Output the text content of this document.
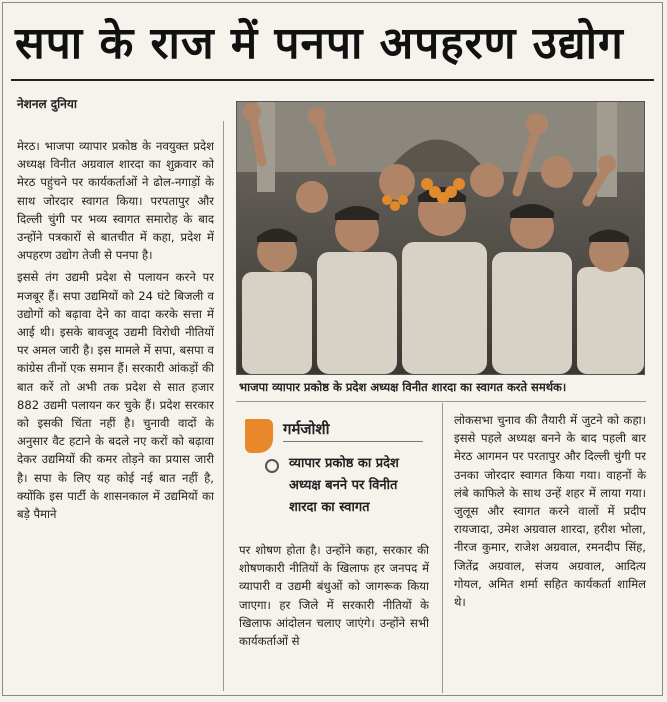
सपा के राज में पनपा अपहरण उद्योग
नेशनल दुनिया

मेरठ। भाजपा व्यापार प्रकोष्ठ के नवयुक्त प्रदेश अध्यक्ष विनीत अग्रवाल शारदा का शुक्रवार को मेरठ पहुंचने पर कार्यकर्ताओं ने ढोल-नगाड़ों के साथ जोरदार स्वागत किया। परपतापुर और दिल्ली चुंगी पर भव्य स्वागत समारोह के बाद उन्होंने पत्रकारों से बातचीत में कहा, प्रदेश में अपहरण उद्योग तेजी से पनपा है।

इससे तंग उद्यमी प्रदेश से पलायन करने पर मजबूर हैं। सपा उद्यमियों को 24 घंटे बिजली व उद्योगों को बढ़ावा देने का वादा करके सत्ता में आई थी। इसके बावजूद उद्यमी विरोधी नीतियों पर अमल जारी है। इस मामले में सपा, बसपा व कांग्रेस तीनों एक समान हैं। सरकारी आंकड़ों की बात करें तो अभी तक प्रदेश से सात हजार 882 उद्यमी पलायन कर चुके हैं। प्रदेश सरकार को इसकी चिंता नहीं है। चुनावी वादों के अनुसार वैट हटाने के बदले नए करों को बढ़ावा देकर उद्यमियों की कमर तोड़ने का प्रयास जारी है। सपा के लिए यह कोई नई बात नहीं है, क्योंकि इस पार्टी के शासनकाल में उद्यमियों का बड़े पैमाने

भाजपा व्यापार प्रकोष्ठ के प्रदेश अध्यक्ष विनीत शारदा का स्वागत करते समर्थक।
गर्मजोशी
व्यापार प्रकोष्ठ का प्रदेश अध्यक्ष बनने पर विनीत शारदा का स्वागत

पर शोषण होता है। उन्होंने कहा, सरकार की शोषणकारी नीतियों के खिलाफ हर जनपद में व्यापारी व उद्यमी बंधुओं को जागरूक किया जाएगा। हर जिले में सरकारी नीतियों के खिलाफ आंदोलन चलाए जाएंगे। उन्होंने सभी कार्यकर्ताओं से

लोकसभा चुनाव की तैयारी में जुटने को कहा। इससे पहले अध्यक्ष बनने के बाद पहली बार मेरठ आगमन पर परतापुर और दिल्ली चुंगी पर उनका जोरदार स्वागत किया गया। वाहनों के लंबे काफिले के साथ उन्हें शहर में लाया गया। जुलूस और स्वागत करने वालों में प्रदीप रायजादा, उमेश अग्रवाल शारदा, हरीश भोला, नीरज कुमार, राजेश अग्रवाल, रमनदीप सिंह, जितेंद्र अग्रवाल, संजय अग्रवाल, आदित्य गोयल, अमित शर्मा सहित कार्यकर्ता शामिल थे।
